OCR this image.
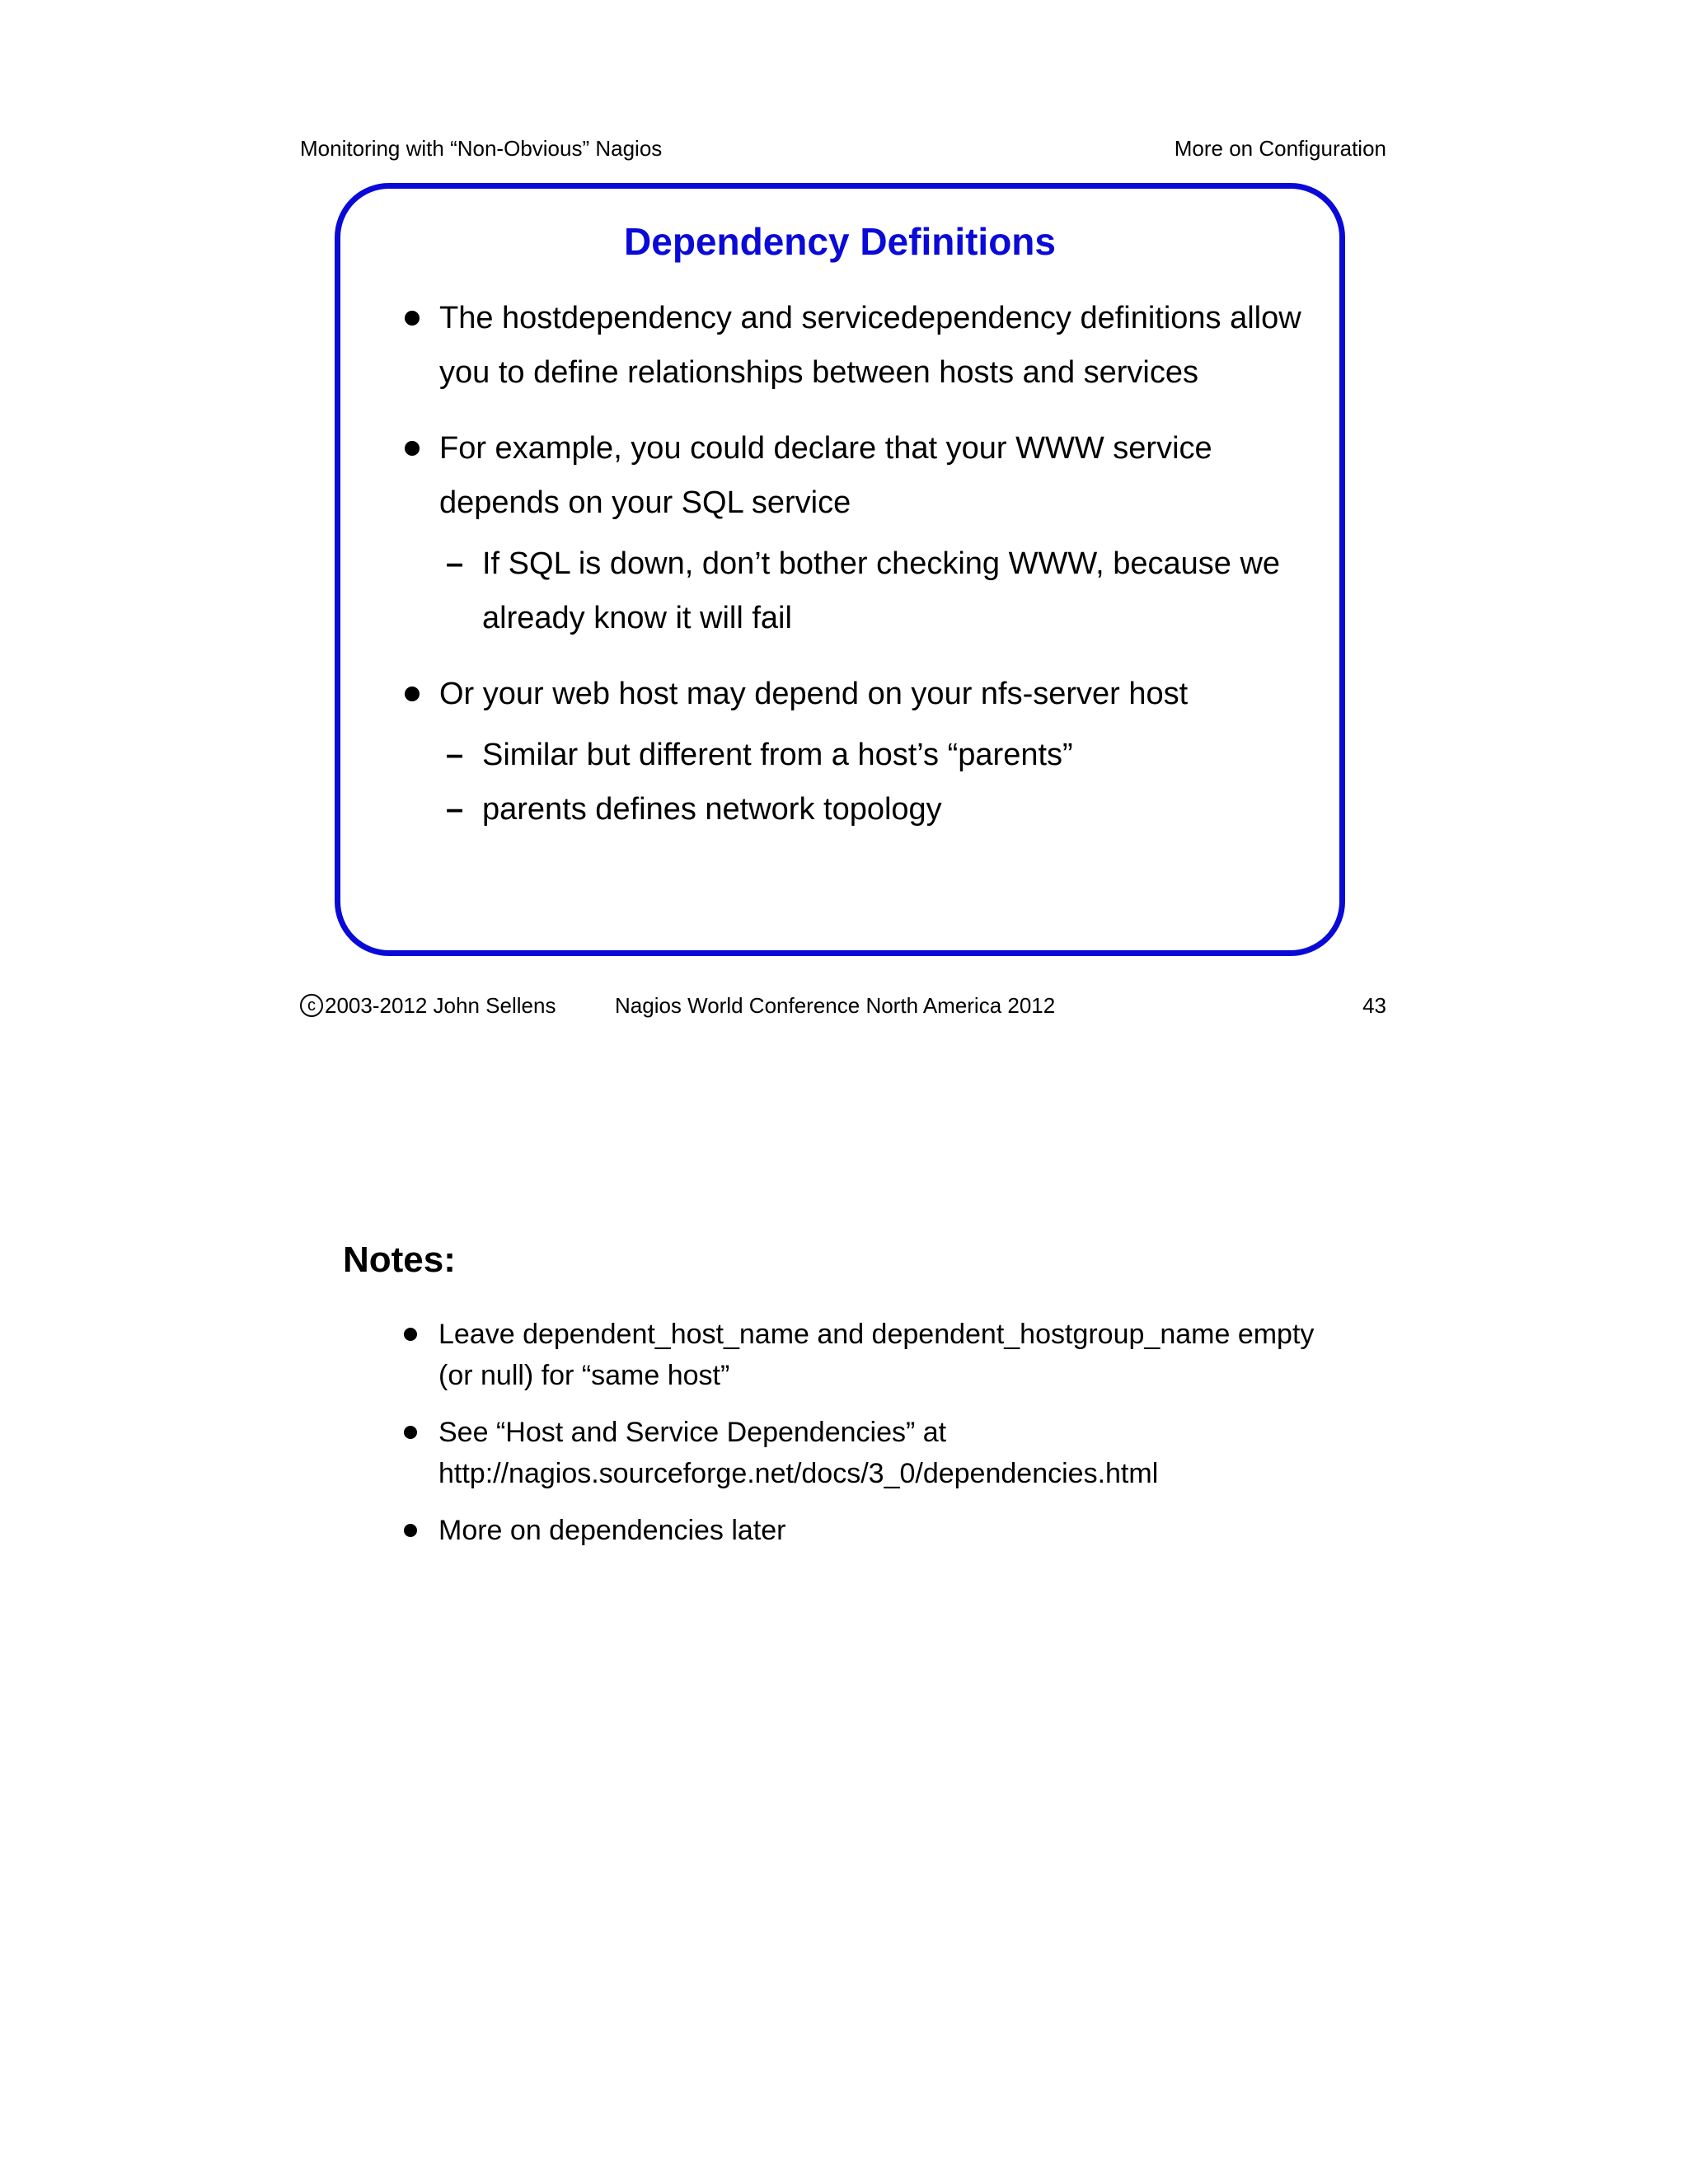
Monitoring with “Non-Obvious” Nagios	More on Configuration
Dependency Definitions
The hostdependency and servicedependency definitions allow you to define relationships between hosts and services
For example, you could declare that your WWW service depends on your SQL service
– If SQL is down, don’t bother checking WWW, because we already know it will fail
Or your web host may depend on your nfs-server host
– Similar but different from a host’s “parents”
– parents defines network topology
c 2003-2012 John Sellens	Nagios World Conference North America 2012	43
Notes:
Leave dependent_host_name and dependent_hostgroup_name empty
(or null) for “same host”
See “Host and Service Dependencies” at
http://nagios.sourceforge.net/docs/3_0/dependencies.html
More on dependencies later
